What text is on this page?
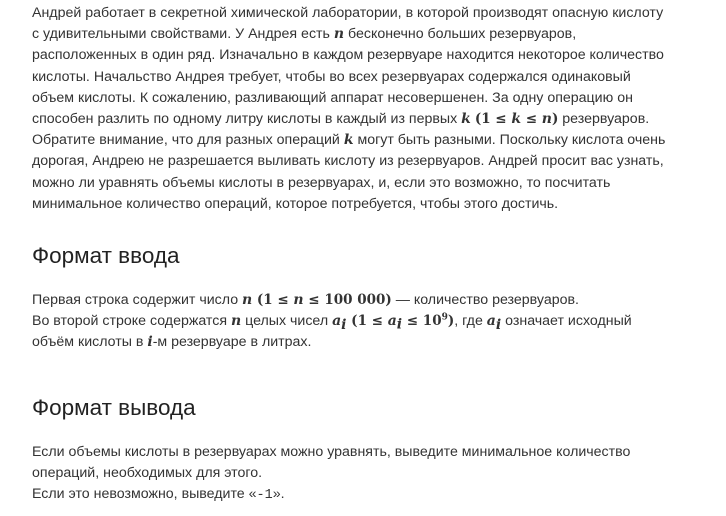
Андрей работает в секретной химической лаборатории, в которой производят опасную кислоту
с удивительными свойствами. У Андрея есть n бесконечно больших резервуаров,
расположенных в один ряд. Изначально в каждом резервуаре находится некоторое количество
кислоты. Начальство Андрея требует, чтобы во всех резервуарах содержался одинаковый
объем кислоты. К сожалению, разливающий аппарат несовершенен. За одну операцию он
способен разлить по одному литру кислоты в каждый из первых k (1 ≤ k ≤ n) резервуаров.
Обратите внимание, что для разных операций k могут быть разными. Поскольку кислота очень
дорогая, Андрею не разрешается выливать кислоту из резервуаров. Андрей просит вас узнать,
можно ли уравнять объемы кислоты в резервуарах, и, если это возможно, то посчитать
минимальное количество операций, которое потребуется, чтобы этого достичь.
Формат ввода
Первая строка содержит число n (1 ≤ n ≤ 100 000) — количество резервуаров.
Во второй строке содержатся n целых чисел $a_i$ $(1 \le a_i \le 10^9)$, где $a_i$ означает исходный
объём кислоты в i-м резервуаре в литрах.
Формат вывода
Если объемы кислоты в резервуарах можно уравнять, выведите минимальное количество
операций, необходимых для этого.
Если это невозможно, выведите «-1».
